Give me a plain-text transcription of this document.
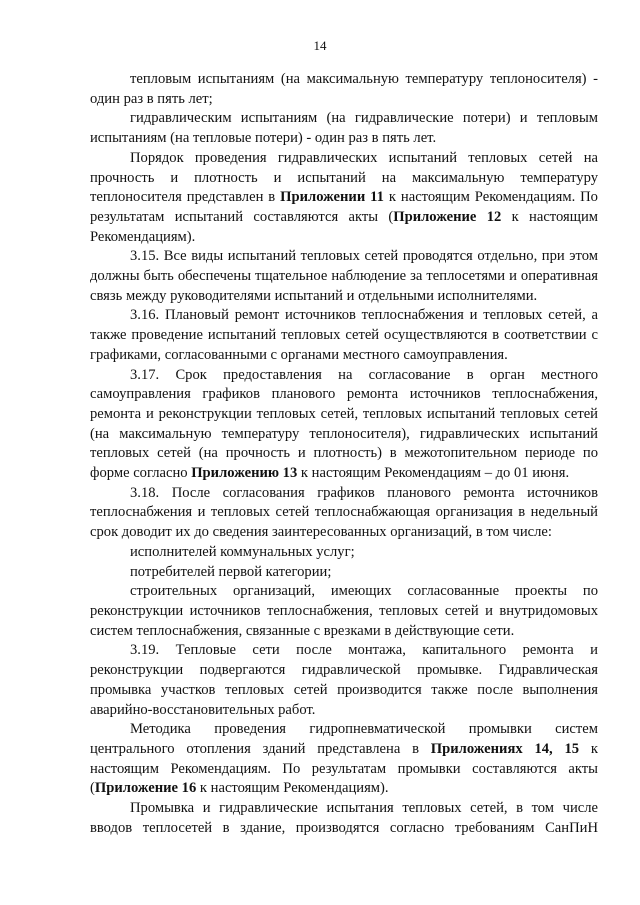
14

тепловым испытаниям (на максимальную температуру теплоносителя) - один раз в пять лет;

гидравлическим испытаниям (на гидравлические потери) и тепловым испытаниям (на тепловые потери) - один раз в пять лет.

Порядок проведения гидравлических испытаний тепловых сетей на прочность и плотность и испытаний на максимальную температуру теплоносителя представлен в Приложении 11 к настоящим Рекомендациям. По результатам испытаний составляются акты (Приложение 12 к настоящим Рекомендациям).

3.15. Все виды испытаний тепловых сетей проводятся отдельно, при этом должны быть обеспечены тщательное наблюдение за теплосетями и оперативная связь между руководителями испытаний и отдельными исполнителями.

3.16. Плановый ремонт источников теплоснабжения и тепловых сетей, а также проведение испытаний тепловых сетей осуществляются в соответствии с графиками, согласованными с органами местного самоуправления.

3.17. Срок предоставления на согласование в орган местного самоуправления графиков планового ремонта источников теплоснабжения, ремонта и реконструкции тепловых сетей, тепловых испытаний тепловых сетей (на максимальную температуру теплоносителя), гидравлических испытаний тепловых сетей (на прочность и плотность) в межотопительном периоде по форме согласно Приложению 13 к настоящим Рекомендациям – до 01 июня.

3.18. После согласования графиков планового ремонта источников теплоснабжения и тепловых сетей теплоснабжающая организация в недельный срок доводит их до сведения заинтересованных организаций, в том числе:

исполнителей коммунальных услуг;

потребителей первой категории;

строительных организаций, имеющих согласованные проекты по реконструкции источников теплоснабжения, тепловых сетей и внутридомовых систем теплоснабжения, связанные с врезками в действующие сети.

3.19. Тепловые сети после монтажа, капитального ремонта и реконструкции подвергаются гидравлической промывке. Гидравлическая промывка участков тепловых сетей производится также после выполнения аварийно-восстановительных работ.

Методика проведения гидропневматической промывки систем центрального отопления зданий представлена в Приложениях 14, 15 к настоящим Рекомендациям. По результатам промывки составляются акты (Приложение 16 к настоящим Рекомендациям).

Промывка и гидравлические испытания тепловых сетей, в том числе вводов теплосетей в здание, производятся согласно требованиям СанПиН
